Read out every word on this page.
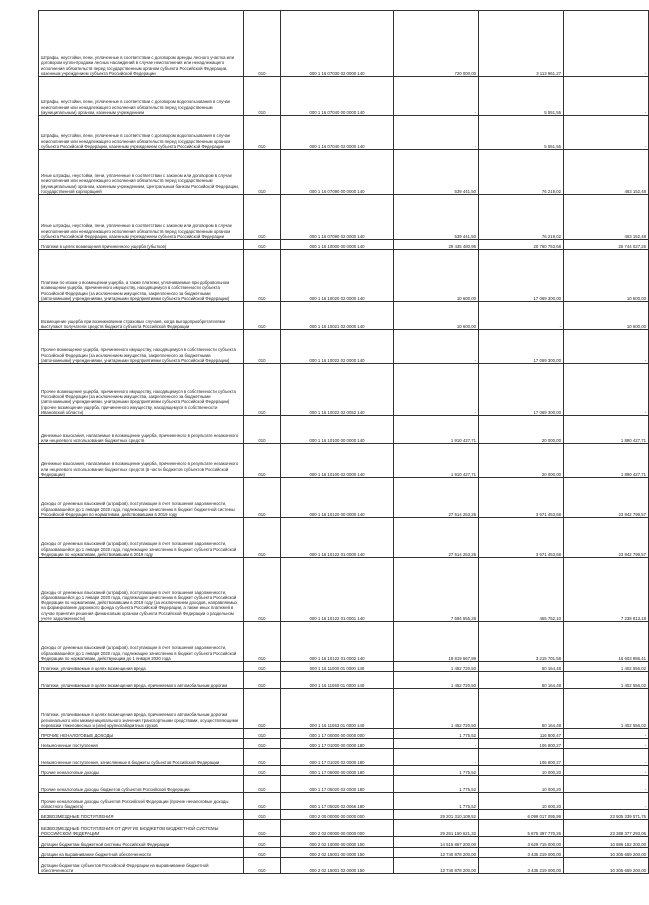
Штрафы, неустойки, пени, уплаченные в соответствии с договором аренды лесного участка или договором купли-продажи лесных насаждений в случае неисполнения или ненадлежащего исполнения обязательств перед государственным органом субъекта Российской Федерации, казенным учреждением субъекта Российской Федерации	010	000 1 16 07030 02 0000 140	720 000,00	3 113 961,27	-
Штрафы, неустойки, пени, уплаченные в соответствии с договором водопользования в случае неисполнения или ненадлежащего исполнения обязательств перед государственным (муниципальным) органом, казенным учреждением	010	000 1 16 07040 00 0000 140	-	5 551,55	-
Штрафы, неустойки, пени, уплаченные в соответствии с договором водопользования в случае неисполнения или ненадлежащего исполнения обязательств перед государственным органом субъекта Российской Федерации, казенным учреждением субъекта Российской Федерации	010	000 1 16 07040 02 0000 140	-	5 551,55	-
Иные штрафы, неустойки, пени, уплаченные в соответствии с законом или договором в случае неисполнения или ненадлежащего исполнения обязательств перед государственным (муниципальным) органом, казенным учреждением, Центральным банком Российской Федерации, государственной корпорацией	010	000 1 16 07090 00 0000 140	539 441,50	76 219,02	463 152,48
Иные штрафы, неустойки, пени, уплаченные в соответствии с законом или договором в случае неисполнения или ненадлежащего исполнения обязательств перед государственным органом субъекта Российской Федерации, казенным учреждением субъекта Российской Федерации	010	000 1 16 07090 02 0000 140	539 441,50	76 219,02	463 152,48
Платежи в целях возмещения причиненного ущерба (убытков)	010	000 1 16 10000 00 0000 140	29 435 480,96	20 760 753,68	25 744 027,26
Платежи по искам о возмещении ущерба, а также платежи, уплачиваемые при добровольном возмещении ущерба, причиненного имуществу, находящемуся в собственности субъекта Российской Федерации (за исключением имущества, закрепленного за бюджетными (автономными) учреждениями, унитарными предприятиями субъекта Российской Федерации)	010	000 1 16 10020 02 0000 140	10 600,00	17 069 300,00	10 600,00
Возмещение ущерба при возникновении страховых случаев, когда выгодоприобретателями выступают получатели средств бюджета субъекта Российской Федерации	010	000 1 16 10021 02 0000 140	10 600,00	-	10 600,00
Прочее возмещение ущерба, причиненного имуществу, находящемуся в собственности субъекта Российской Федерации (за исключением имущества, закрепленного за бюджетными (автономными) учреждениями, унитарными предприятиями субъекта Российской Федерации)	010	000 1 16 10022 02 0000 140	-	17 069 300,00	-
Прочее возмещение ущерба, причиненного имуществу, находящемуся в собственности субъекта Российской Федерации (за исключением имущества, закрепленного за бюджетными (автономными) учреждениями, унитарными предприятиями субъекта Российской Федерации) (прочее возмещение ущерба, причиненного имуществу, находящемуся в собственности Ивановской области)	010	000 1 16 10022 02 0052 140	-	17 069 300,00	-
Денежные взыскания, налагаемые в возмещение ущерба, причиненного в результате незаконного или нецелевого использования бюджетных средств	010	000 1 16 10100 00 0000 140	1 910 427,71	20 000,00	1 890 427,71
Денежные взыскания, налагаемые в возмещение ущерба, причиненного в результате незаконного или нецелевого использования бюджетных средств (в части бюджетов субъектов Российской Федерации)	010	000 1 16 10100 02 0000 140	1 910 427,71	20 000,00	1 890 427,71
Доходы от денежных взысканий (штрафов), поступающие в счет погашения задолженности, образовавшейся до 1 января 2020 года, подлежащие зачислению в бюджет бюджетной системы Российской Федерации по нормативам, действовавшим в 2019 году	010	000 1 16 10120 00 0000 140	27 514 253,25	3 671 453,68	23 842 799,57
Доходы от денежных взысканий (штрафов), поступающие в счет погашения задолженности, образовавшейся до 1 января 2020 года, подлежащие зачислению в бюджет субъекта Российской Федерации по нормативам, действовавшим в 2019 году	010	000 1 16 10122 01 0000 140	27 514 253,25	3 671 453,68	23 842 799,57
Доходы от денежных взысканий (штрафов), поступающие в счет погашения задолженности, образовавшейся до 1 января 2020 года, подлежащие зачислению в бюджет субъекта Российской Федерации по нормативам, действовавшим в 2019 году (за исключением доходов, направляемых на формирование дорожного фонда субъекта Российской Федерации, а также иных платежей в случае принятия решения финансовым органом субъекта Российской Федерации о раздельном учете задолженности)	010	000 1 16 10122 01 0001 140	7 694 555,28	455 752,10	7 238 813,18
Доходы от денежных взысканий (штрафов), поступающие в счет погашения задолженности, образовавшейся до 1 января 2020 года, подлежащие зачислению в бюджет субъекта Российской Федерации по нормативам, действующим до 1 января 2020 года	010	000 1 16 10122 01 0002 140	19 819 667,99	3 215 701,58	16 603 986,41
Платежи, уплачиваемые в целях возмещения вреда	010	000 1 16 11000 01 0000 140	1 452 720,50	50 164,48	1 402 556,02
Платежи, уплачиваемые в целях возмещения вреда, причиняемого автомобильным дорогам	010	000 1 16 11060 01 0000 140	1 452 720,50	50 164,48	1 402 556,02
Платежи, уплачиваемые в целях возмещения вреда, причиняемого автомобильным дорогам регионального или межмуниципального значения транспортными средствами, осуществляющими перевозки тяжеловесных и (или) крупногабаритных грузов	010	000 1 16 11063 01 0000 140	1 452 720,50	50 164,48	1 402 556,02
ПРОЧИЕ НЕНАЛОГОВЫЕ ДОХОДЫ	010	000 1 17 00000 00 0000 000	1 775,52	116 800,47	-
Невыясненные поступления	010	000 1 17 01000 00 0000 180	-	106 800,27	-
Невыясненные поступления, зачисляемые в бюджеты субъектов Российской Федерации	010	000 1 17 01020 02 0000 180	-	106 800,27	-
Прочие неналоговые доходы	010	000 1 17 05000 00 0000 180	1 775,52	10 000,20	-
Прочие неналоговые доходы бюджетов субъектов Российской Федерации	010	000 1 17 05020 02 0000 180	1 775,52	10 000,20	-
Прочие неналоговые доходы субъектов Российской Федерации (прочие неналоговые доходы областного бюджета)	010	000 1 17 05020 02 0066 180	1 775,52	10 000,20	-
БЕЗВОЗМЕЗДНЫЕ ПОСТУПЛЕНИЯ	010	000 2 00 00000 00 0000 000	29 201 310,109,52	6 099 017 095,99	23 505 339 571,76
БЕЗВОЗМЕЗДНЫЕ ПОСТУПЛЕНИЯ ОТ ДРУГИХ БЮДЖЕТОВ БЮДЖЕТНОЙ СИСТЕМЫ РОССИЙСКОЙ ФЕДЕРАЦИИ	010	000 2 02 00000 00 0000 000	29 261 150 621,32	5 875 397 770,26	23 388 377 293,06
Дотации бюджетам бюджетной системы Российской Федерации	010	000 2 02 10000 00 0000 150	14 515 867 200,00	3 629 715 000,00	10 886 152 200,00
Дотации на выравнивание бюджетной обеспеченности	010	000 2 02 15001 00 0000 150	13 740 878 200,00	3 435 219 000,00	10 305 659 200,00
Дотации бюджетам субъектов Российской Федерации на выравнивание бюджетной обеспеченности	010	000 2 02 15001 02 0000 150	13 740 878 200,00	3 435 219 000,00	10 305 659 200,00
